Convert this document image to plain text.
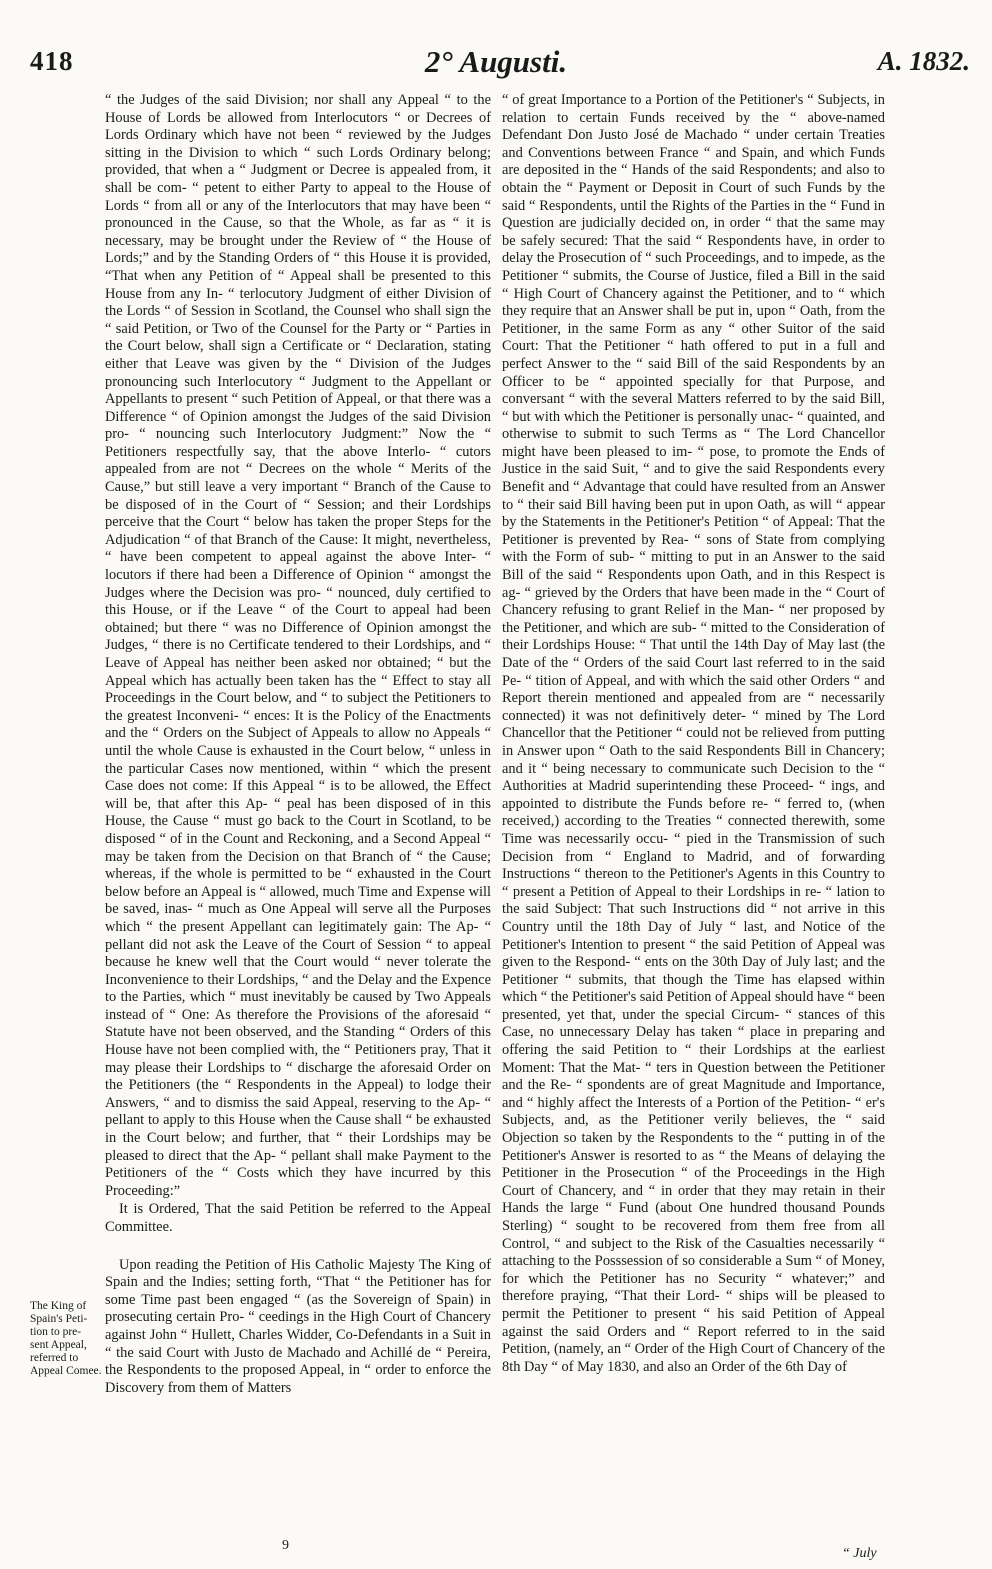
418	2° Augusti.	A. 1832.

“ the Judges of the said Division; nor shall any Appeal “ to the House of Lords be allowed from Interlocutors “ or Decrees of Lords Ordinary which have not been “ reviewed by the Judges sitting in the Division to which “ such Lords Ordinary belong; provided, that when a “ Judgment or Decree is appealed from, it shall be com- “ petent to either Party to appeal to the House of Lords “ from all or any of the Interlocutors that may have been “ pronounced in the Cause, so that the Whole, as far as “ it is necessary, may be brought under the Review of “ the House of Lords;” and by the Standing Orders of “ this House it is provided, “That when any Petition of “ Appeal shall be presented to this House from any In- “ terlocutory Judgment of either Division of the Lords “ of Session in Scotland, the Counsel who shall sign the “ said Petition, or Two of the Counsel for the Party or “ Parties in the Court below, shall sign a Certificate or “ Declaration, stating either that Leave was given by the “ Division of the Judges pronouncing such Interlocutory “ Judgment to the Appellant or Appellants to present “ such Petition of Appeal, or that there was a Difference “ of Opinion amongst the Judges of the said Division pro- “ nouncing such Interlocutory Judgment:” Now the “ Petitioners respectfully say, that the above Interlo- “ cutors appealed from are not “ Decrees on the whole “ Merits of the Cause,” but still leave a very important “ Branch of the Cause to be disposed of in the Court of “ Session; and their Lordships perceive that the Court “ below has taken the proper Steps for the Adjudication “ of that Branch of the Cause: It might, nevertheless, “ have been competent to appeal against the above Inter- “ locutors if there had been a Difference of Opinion “ amongst the Judges where the Decision was pro- “ nounced, duly certified to this House, or if the Leave “ of the Court to appeal had been obtained; but there “ was no Difference of Opinion amongst the Judges, “ there is no Certificate tendered to their Lordships, and “ Leave of Appeal has neither been asked nor obtained; “ but the Appeal which has actually been taken has the “ Effect to stay all Proceedings in the Court below, and “ to subject the Petitioners to the greatest Inconveni- “ ences: It is the Policy of the Enactments and the “ Orders on the Subject of Appeals to allow no Appeals “ until the whole Cause is exhausted in the Court below, “ unless in the particular Cases now mentioned, within “ which the present Case does not come: If this Appeal “ is to be allowed, the Effect will be, that after this Ap- “ peal has been disposed of in this House, the Cause “ must go back to the Court in Scotland, to be disposed “ of in the Count and Reckoning, and a Second Appeal “ may be taken from the Decision on that Branch of “ the Cause; whereas, if the whole is permitted to be “ exhausted in the Court below before an Appeal is “ allowed, much Time and Expense will be saved, inas- “ much as One Appeal will serve all the Purposes which “ the present Appellant can legitimately gain: The Ap- “ pellant did not ask the Leave of the Court of Session “ to appeal because he knew well that the Court would “ never tolerate the Inconvenience to their Lordships, “ and the Delay and the Expence to the Parties, which “ must inevitably be caused by Two Appeals instead of “ One: As therefore the Provisions of the aforesaid “ Statute have not been observed, and the Standing “ Orders of this House have not been complied with, the “ Petitioners pray, That it may please their Lordships to “ discharge the aforesaid Order on the Petitioners (the “ Respondents in the Appeal) to lodge their Answers, “ and to dismiss the said Appeal, reserving to the Ap- “ pellant to apply to this House when the Cause shall “ be exhausted in the Court below; and further, that “ their Lordships may be pleased to direct that the Ap- “ pellant shall make Payment to the Petitioners of the “ Costs which they have incurred by this Proceeding:”

It is Ordered, That the said Petition be referred to the Appeal Committee.

Upon reading the Petition of His Catholic Majesty The King of Spain and the Indies; setting forth, “That “ the Petitioner has for some Time past been engaged “ (as the Sovereign of Spain) in prosecuting certain Pro- “ ceedings in the High Court of Chancery against John “ Hullett, Charles Widder, Co-Defendants in a Suit in “ the said Court with Justo de Machado and Achillé de “ Pereira, the Respondents to the proposed Appeal, in “ order to enforce the Discovery from them of Matters

The King of Spain's Peti- tion to pre- sent Appeal, referred to Appeal Comee.

“ of great Importance to a Portion of the Petitioner's “ Subjects, in relation to certain Funds received by the “ above-named Defendant Don Justo José de Machado “ under certain Treaties and Conventions between France “ and Spain, and which Funds are deposited in the “ Hands of the said Respondents; and also to obtain the “ Payment or Deposit in Court of such Funds by the said “ Respondents, until the Rights of the Parties in the “ Fund in Question are judicially decided on, in order “ that the same may be safely secured: That the said “ Respondents have, in order to delay the Prosecution of “ such Proceedings, and to impede, as the Petitioner “ submits, the Course of Justice, filed a Bill in the said “ High Court of Chancery against the Petitioner, and to “ which they require that an Answer shall be put in, upon “ Oath, from the Petitioner, in the same Form as any “ other Suitor of the said Court: That the Petitioner “ hath offered to put in a full and perfect Answer to the “ said Bill of the said Respondents by an Officer to be “ appointed specially for that Purpose, and conversant “ with the several Matters referred to by the said Bill, “ but with which the Petitioner is personally unac- “ quainted, and otherwise to submit to such Terms as “ The Lord Chancellor might have been pleased to im- “ pose, to promote the Ends of Justice in the said Suit, “ and to give the said Respondents every Benefit and “ Advantage that could have resulted from an Answer to “ their said Bill having been put in upon Oath, as will “ appear by the Statements in the Petitioner's Petition “ of Appeal: That the Petitioner is prevented by Rea- “ sons of State from complying with the Form of sub- “ mitting to put in an Answer to the said Bill of the said “ Respondents upon Oath, and in this Respect is ag- “ grieved by the Orders that have been made in the “ Court of Chancery refusing to grant Relief in the Man- “ ner proposed by the Petitioner, and which are sub- “ mitted to the Consideration of their Lordships House: “ That until the 14th Day of May last (the Date of the “ Orders of the said Court last referred to in the said Pe- “ tition of Appeal, and with which the said other Orders “ and Report therein mentioned and appealed from are “ necessarily connected) it was not definitively deter- “ mined by The Lord Chancellor that the Petitioner “ could not be relieved from putting in Answer upon “ Oath to the said Respondents Bill in Chancery; and it “ being necessary to communicate such Decision to the “ Authorities at Madrid superintending these Proceed- “ ings, and appointed to distribute the Funds before re- “ ferred to, (when received,) according to the Treaties “ connected therewith, some Time was necessarily occu- “ pied in the Transmission of such Decision from “ England to Madrid, and of forwarding Instructions “ thereon to the Petitioner's Agents in this Country to “ present a Petition of Appeal to their Lordships in re- “ lation to the said Subject: That such Instructions did “ not arrive in this Country until the 18th Day of July “ last, and Notice of the Petitioner's Intention to present “ the said Petition of Appeal was given to the Respond- “ ents on the 30th Day of July last; and the Petitioner “ submits, that though the Time has elapsed within which “ the Petitioner's said Petition of Appeal should have “ been presented, yet that, under the special Circum- “ stances of this Case, no unnecessary Delay has taken “ place in preparing and offering the said Petition to “ their Lordships at the earliest Moment: That the Mat- “ ters in Question between the Petitioner and the Re- “ spondents are of great Magnitude and Importance, and “ highly affect the Interests of a Portion of the Petition- “ er's Subjects, and, as the Petitioner verily believes, the “ said Objection so taken by the Respondents to the “ putting in of the Petitioner's Answer is resorted to as “ the Means of delaying the Petitioner in the Prosecution “ of the Proceedings in the High Court of Chancery, and “ in order that they may retain in their Hands the large “ Fund (about One hundred thousand Pounds Sterling) “ sought to be recovered from them free from all Control, “ and subject to the Risk of the Casualties necessarily “ attaching to the Posssession of so considerable a Sum “ of Money, for which the Petitioner has no Security “ whatever;” and therefore praying, “That their Lord- “ ships will be pleased to permit the Petitioner to present “ his said Petition of Appeal against the said Orders and “ Report referred to in the said Petition, (namely, an “ Order of the High Court of Chancery of the 8th Day “ of May 1830, and also an Order of the 6th Day of

9
“ July
